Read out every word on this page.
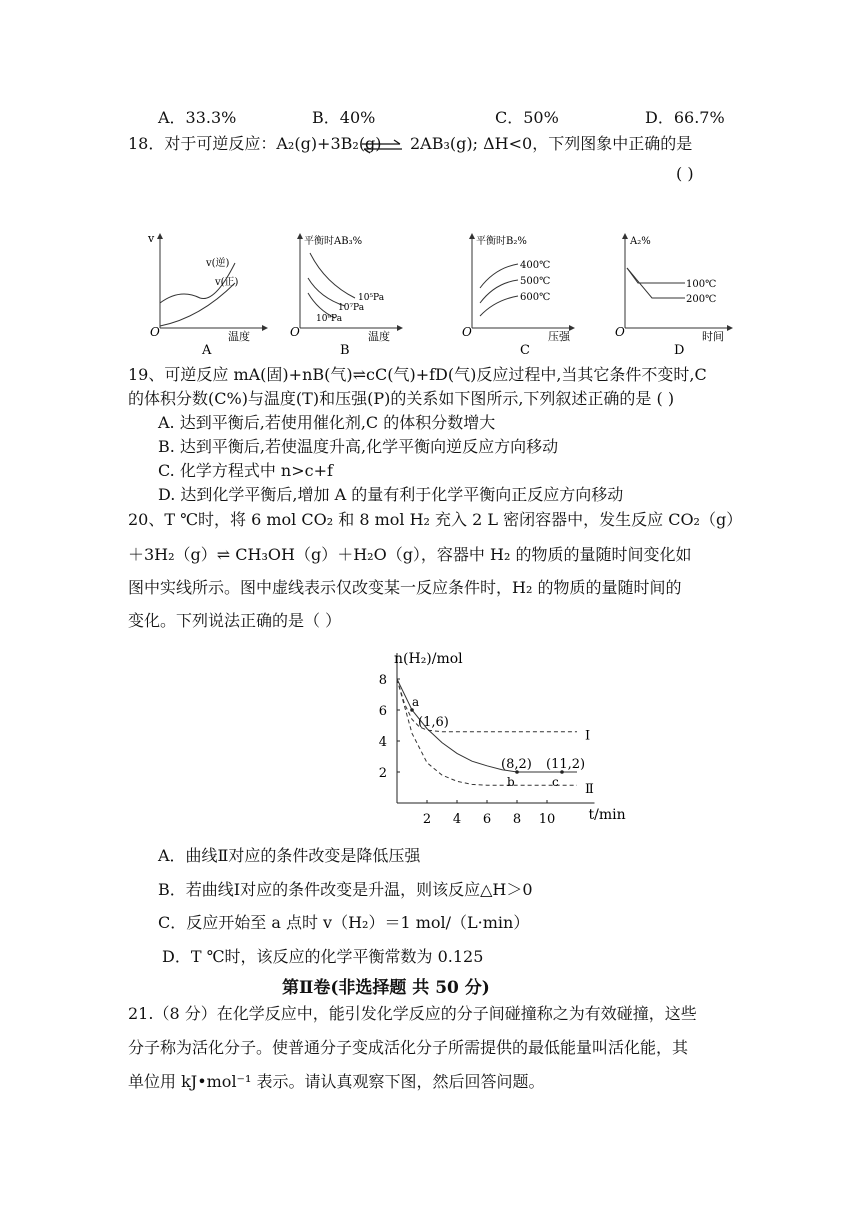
A．33.3%	B．40%	C．50%	D．66.7%
18．对于可逆反应：A₂(g)+3B₂(g) ⇌ 2AB₃(g); ΔH<0，下列图象中正确的是
( )
v
v(逆)
v(正)
O	温度
A
平衡时AB₃%
10⁵Pa
10⁷Pa
10⁹Pa
O	温度
B
平衡时B₂%
400℃
500℃
600℃
O	压强
C
A₂%
100℃
200℃
O	时间
D
19、可逆反应 mA(固)+nB(气)⇌cC(气)+fD(气)反应过程中,当其它条件不变时,C
的体积分数(C%)与温度(T)和压强(P)的关系如下图所示,下列叙述正确的是 ( )
A. 达到平衡后,若使用催化剂,C 的体积分数增大
B. 达到平衡后,若使温度升高,化学平衡向逆反应方向移动
C. 化学方程式中 n>c+f
D. 达到化学平衡后,增加 A 的量有利于化学平衡向正反应方向移动
20、T ℃时，将 6 mol CO₂ 和 8 mol H₂ 充入 2 L 密闭容器中，发生反应 CO₂（g）
＋3H₂（g）⇌ CH₃OH（g）＋H₂O（g），容器中 H₂ 的物质的量随时间变化如
图中实线所示。图中虚线表示仅改变某一反应条件时，H₂ 的物质的量随时间的
变化。下列说法正确的是（ ）
2 4 6 8 10
2
4
6
8
Ⅰ
Ⅱ
a
(1,6)
b
(8,2)
c
(11,2)
n(H₂)/mol
t/min
A．曲线Ⅱ对应的条件改变是降低压强
B．若曲线Ⅰ对应的条件改变是升温，则该反应△H＞0
C．反应开始至 a 点时 v（H₂）＝1 mol/（L·min）
D．T ℃时，该反应的化学平衡常数为 0.125
第Ⅱ卷(非选择题 共 50 分)
21.（8 分）在化学反应中，能引发化学反应的分子间碰撞称之为有效碰撞，这些
分子称为活化分子。使普通分子变成活化分子所需提供的最低能量叫活化能，其
单位用 kJ•mol⁻¹ 表示。请认真观察下图，然后回答问题。
